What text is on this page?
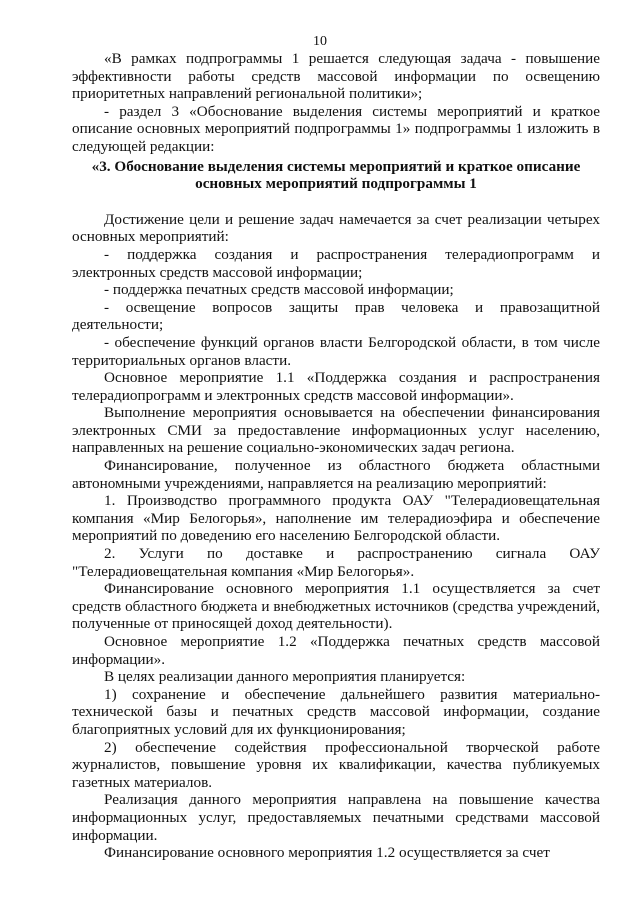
10

«В рамках подпрограммы 1 решается следующая задача - повышение эффективности работы средств массовой информации по освещению приоритетных направлений региональной политики»;

- раздел 3 «Обоснование выделения системы мероприятий и краткое описание основных мероприятий подпрограммы 1» подпрограммы 1 изложить в следующей редакции:

«3. Обоснование выделения системы мероприятий и краткое описание основных мероприятий подпрограммы 1

Достижение цели и решение задач намечается за счет реализации четырех основных мероприятий:

- поддержка создания и распространения телерадиопрограмм и электронных средств массовой информации;

- поддержка печатных средств массовой информации;

- освещение вопросов защиты прав человека и правозащитной деятельности;

- обеспечение функций органов власти Белгородской области, в том числе территориальных органов власти.

Основное мероприятие 1.1 «Поддержка создания и распространения телерадиопрограмм и электронных средств массовой информации».

Выполнение мероприятия основывается на обеспечении финансирования электронных СМИ за предоставление информационных услуг населению, направленных на решение социально-экономических задач региона.

Финансирование, полученное из областного бюджета областными автономными учреждениями, направляется на реализацию мероприятий:

1. Производство программного продукта ОАУ "Телерадиовещательная компания «Мир Белогорья», наполнение им телерадиоэфира и обеспечение мероприятий по доведению его населению Белгородской области.

2. Услуги по доставке и распространению сигнала ОАУ "Телерадиовещательная компания «Мир Белогорья».

Финансирование основного мероприятия 1.1 осуществляется за счет средств областного бюджета и внебюджетных источников (средства учреждений, полученные от приносящей доход деятельности).

Основное мероприятие 1.2 «Поддержка печатных средств массовой информации».

В целях реализации данного мероприятия планируется:

1) сохранение и обеспечение дальнейшего развития материально-технической базы и печатных средств массовой информации, создание благоприятных условий для их функционирования;

2) обеспечение содействия профессиональной творческой работе журналистов, повышение уровня их квалификации, качества публикуемых газетных материалов.

Реализация данного мероприятия направлена на повышение качества информационных услуг, предоставляемых печатными средствами массовой информации.

Финансирование основного мероприятия 1.2 осуществляется за счет
